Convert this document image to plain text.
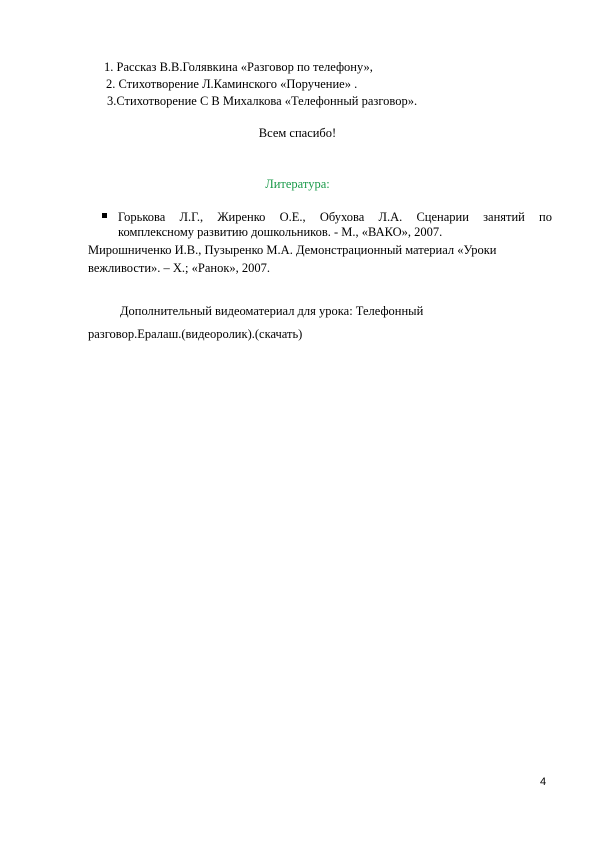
1. Рассказ В.В.Голявкина «Разговор по телефону»,
2. Стихотворение Л.Каминского «Поручение» .
3.Стихотворение С В Михалкова «Телефонный разговор».
Всем спасибо!
Литература:
Горькова Л.Г., Жиренко О.Е., Обухова Л.А. Сценарии занятий по
комплексному развитию дошкольников. - М., «ВАКО», 2007.
Мирошниченко И.В., Пузыренко М.А. Демонстрационный материал «Уроки
вежливости». – Х.; «Ранок», 2007.
Дополнительный видеоматериал для урока: Телефонный
разговор.Ералаш.(видеоролик).(скачать)
4
